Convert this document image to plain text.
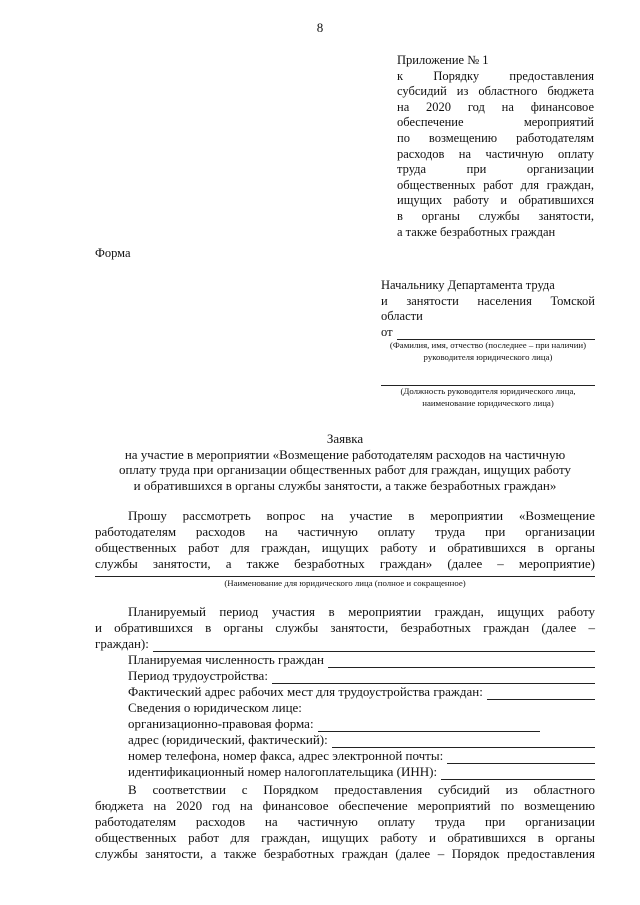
8

Приложение № 1

к Порядку предоставления

субсидий из областного бюджета

на 2020 год на финансовое

обеспечение мероприятий

по возмещению работодателям

расходов на частичную оплату

труда при организации

общественных работ для граждан,

ищущих работу и обратившихся

в органы службы занятости,

а также безработных граждан

Форма
Начальнику Департамента труда
и занятости населения Томской
области
от
(Фамилия, имя, отчество (последнее – при наличии) руководителя юридического лица)
(Должность руководителя юридического лица, наименование юридического лица)
Заявка
на участие в мероприятии «Возмещение работодателям расходов на частичную
оплату труда при организации общественных работ для граждан, ищущих работу
и обратившихся в органы службы занятости, а также безработных граждан»

Прошу рассмотреть вопрос на участие в мероприятии «Возмещение

работодателям расходов на частичную оплату труда при организации

общественных работ для граждан, ищущих работу и обратившихся в органы

службы занятости, а также безработных граждан» (далее – мероприятие)

(Наименование для юридического лица (полное и сокращенное)

Планируемый период участия в мероприятии граждан, ищущих работу

и обратившихся в органы службы занятости, безработных граждан (далее –

граждан):
Планируемая численность граждан
Период трудоустройства:
Фактический адрес рабочих мест для трудоустройства граждан:
Сведения о юридическом лице:
организационно-правовая форма:
адрес (юридический, фактический):
номер телефона, номер факса, адрес электронной почты:
идентификационный номер налогоплательщика (ИНН):

В соответствии с Порядком предоставления субсидий из областного

бюджета на 2020 год на финансовое обеспечение мероприятий по возмещению

работодателям расходов на частичную оплату труда при организации

общественных работ для граждан, ищущих работу и обратившихся в органы

службы занятости, а также безработных граждан (далее – Порядок предоставления
